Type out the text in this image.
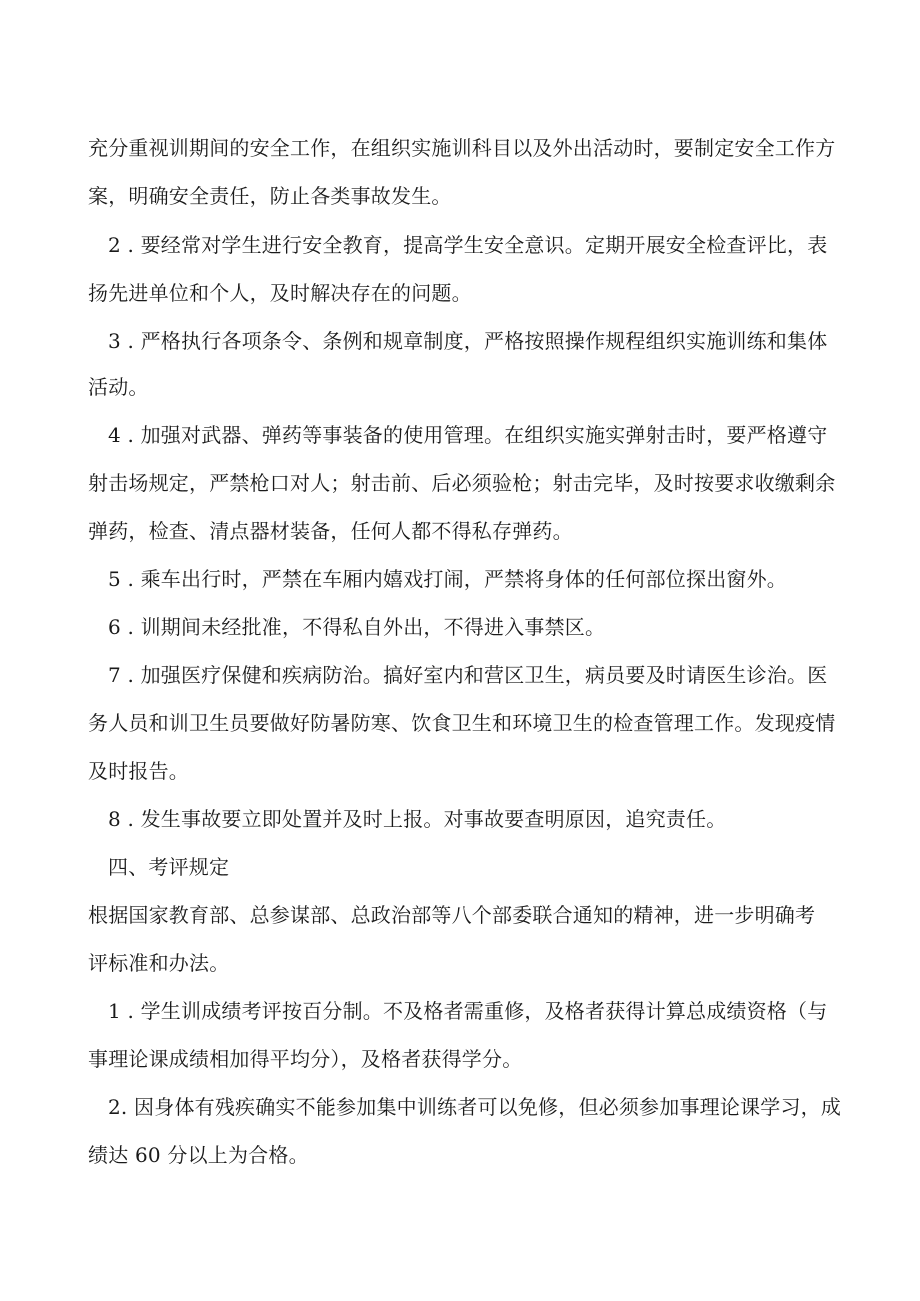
充分重视训期间的安全工作，在组织实施训科目以及外出活动时，要制定安全工作方
案，明确安全责任，防止各类事故发生。
2 . 要经常对学生进行安全教育，提高学生安全意识。定期开展安全检查评比，表
扬先进单位和个人，及时解决存在的问题。
3 . 严格执行各项条令、条例和规章制度，严格按照操作规程组织实施训练和集体
活动。
4 . 加强对武器、弹药等事装备的使用管理。在组织实施实弹射击时，要严格遵守
射击场规定，严禁枪口对人；射击前、后必须验枪；射击完毕，及时按要求收缴剩余
弹药，检查、清点器材装备，任何人都不得私存弹药。
5 . 乘车出行时，严禁在车厢内嬉戏打闹，严禁将身体的任何部位探出窗外。
6 . 训期间未经批准，不得私自外出，不得进入事禁区。
7 . 加强医疗保健和疾病防治。搞好室内和营区卫生，病员要及时请医生诊治。医
务人员和训卫生员要做好防暑防寒、饮食卫生和环境卫生的检查管理工作。发现疫情
及时报告。
8 . 发生事故要立即处置并及时上报。对事故要查明原因，追究责任。
四、考评规定
根据国家教育部、总参谋部、总政治部等八个部委联合通知的精神，进一步明确考
评标准和办法。
1 . 学生训成绩考评按百分制。不及格者需重修，及格者获得计算总成绩资格（与
事理论课成绩相加得平均分），及格者获得学分。
2. 因身体有残疾确实不能参加集中训练者可以免修，但必须参加事理论课学习，成
绩达 60 分以上为合格。
